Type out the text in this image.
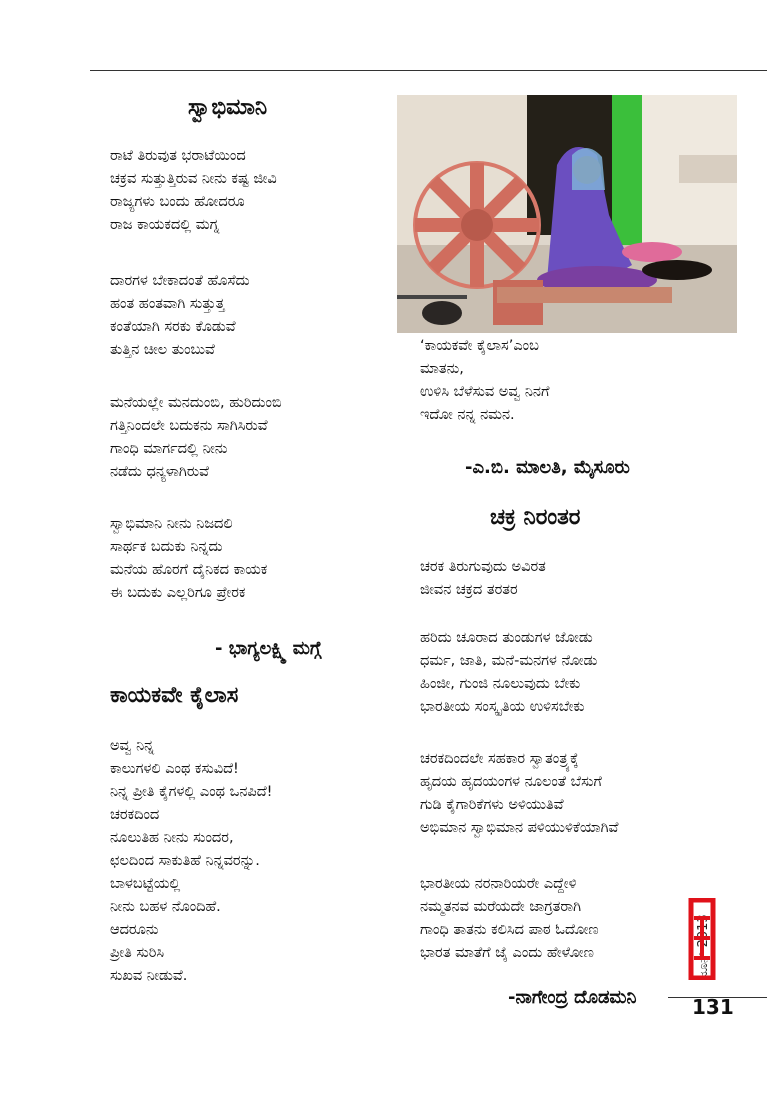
ಸ್ವಾಭಿಮಾನಿ
ರಾಟೆ ತಿರುವುತ ಭರಾಟೆಯಿಂದ
ಚಕ್ರವ ಸುತ್ತುತ್ತಿರುವ ನೀನು ಕಷ್ಟ ಜೀವಿ
ರಾಜ್ಯಗಳು ಬಂದು ಹೋದರೂ
ರಾಜ ಕಾಯಕದಲ್ಲಿ ಮಗ್ನ
ದಾರಗಳ ಬೇಕಾದಂತೆ ಹೊಸೆದು
ಹಂತ ಹಂತವಾಗಿ ಸುತ್ತುತ್ತ
ಕಂತೆಯಾಗಿ ಸರಕು ಕೊಡುವೆ
ತುತ್ತಿನ ಚೀಲ ತುಂಬುವೆ
ಮನೆಯಲ್ಲೇ ಮನದುಂಬಿ, ಹುರಿದುಂಬಿ
ಗತ್ತಿನಿಂದಲೇ ಬದುಕನು ಸಾಗಿಸಿರುವೆ
ಗಾಂಧಿ ಮಾರ್ಗದಲ್ಲಿ ನೀನು
ನಡೆದು ಧನ್ಯಳಾಗಿರುವೆ
ಸ್ವಾಭಿಮಾನಿ ನೀನು ನಿಜದಲಿ
ಸಾರ್ಥಕ ಬದುಕು ನಿನ್ನದು
ಮನೆಯ ಹೊರಗೆ ದೈನಿಕದ ಕಾಯಕ
ಈ ಬದುಕು ಎಲ್ಲರಿಗೂ ಪ್ರೇರಕ
- ಭಾಗ್ಯಲಕ್ಷ್ಮಿ ಮಗ್ಗೆ
ಕಾಯಕವೇ ಕೈಲಾಸ
ಅವ್ವ ನಿನ್ನ
ಕಾಲುಗಳಲಿ ಎಂಥ ಕಸುವಿದೆ!
ನಿನ್ನ ಪ್ರೀತಿ ಕೈಗಳಲ್ಲಿ ಎಂಥ ಒನಪಿದೆ!
ಚರಕದಿಂದ
ನೂಲುತಿಹ ನೀನು ಸುಂದರ,
ಛಲದಿಂದ ಸಾಕುತಿಹೆ ನಿನ್ನವರನ್ನು.
ಬಾಳಬಟ್ಟೆಯಲ್ಲಿ
ನೀನು ಬಹಳ ನೊಂದಿಹೆ.
ಆದರೂನು
ಪ್ರೀತಿ ಸುರಿಸಿ
ಸುಖವ ನೀಡುವೆ.
‘ಕಾಯಕವೇ ಕೈಲಾಸ’ಎಂಬ
ಮಾತನು,
ಉಳಿಸಿ ಬೆಳೆಸುವ ಅವ್ವ ನಿನಗೆ
ಇದೋ ನನ್ನ ನಮನ.
-ಎ.ಬಿ. ಮಾಲತಿ, ಮೈಸೂರು
ಚಕ್ರ ನಿರಂತರ
ಚರಕ ತಿರುಗುವುದು ಅವಿರತ
ಜೀವನ ಚಕ್ರದ ತರತರ
ಹರಿದು ಚೂರಾದ ತುಂಡುಗಳ ಜೋಡು
ಧರ್ಮ, ಜಾತಿ, ಮನೆ-ಮನಗಳ ನೋಡು
ಹಿಂಜೀ, ಗುಂಜಿ ನೂಲುವುದು ಬೇಕು
ಭಾರತೀಯ ಸಂಸ್ಕೃತಿಯ ಉಳಿಸಬೇಕು
ಚರಕದಿಂದಲೇ ಸಹಕಾರ ಸ್ವಾತಂತ್ರ್ಯಕ್ಕೆ
ಹೃದಯ ಹೃದಯಂಗಳ ನೂಲಂತೆ ಬೆಸುಗೆ
ಗುಡಿ ಕೈಗಾರಿಕೆಗಳು ಅಳಿಯುತಿವೆ
ಅಭಿಮಾನ ಸ್ವಾಭಿಮಾನ ಪಳಿಯುಳಿಕೆಯಾಗಿವೆ
ಭಾರತೀಯ ನರನಾರಿಯರೇ ಎದ್ದೇಳಿ
ನಮ್ಮತನವ ಮರೆಯದೇ ಜಾಗ್ರತರಾಗಿ
ಗಾಂಧಿ ತಾತನು ಕಲಿಸಿದ ಪಾಠ ಓದೋಣ
ಭಾರತ ಮಾತೆಗೆ ಜೈ ಎಂದು ಹೇಳೋಣ
-ನಾಗೇಂದ್ರ ದೊಡಮನಿ
ಜೂನ್ 2013
131
